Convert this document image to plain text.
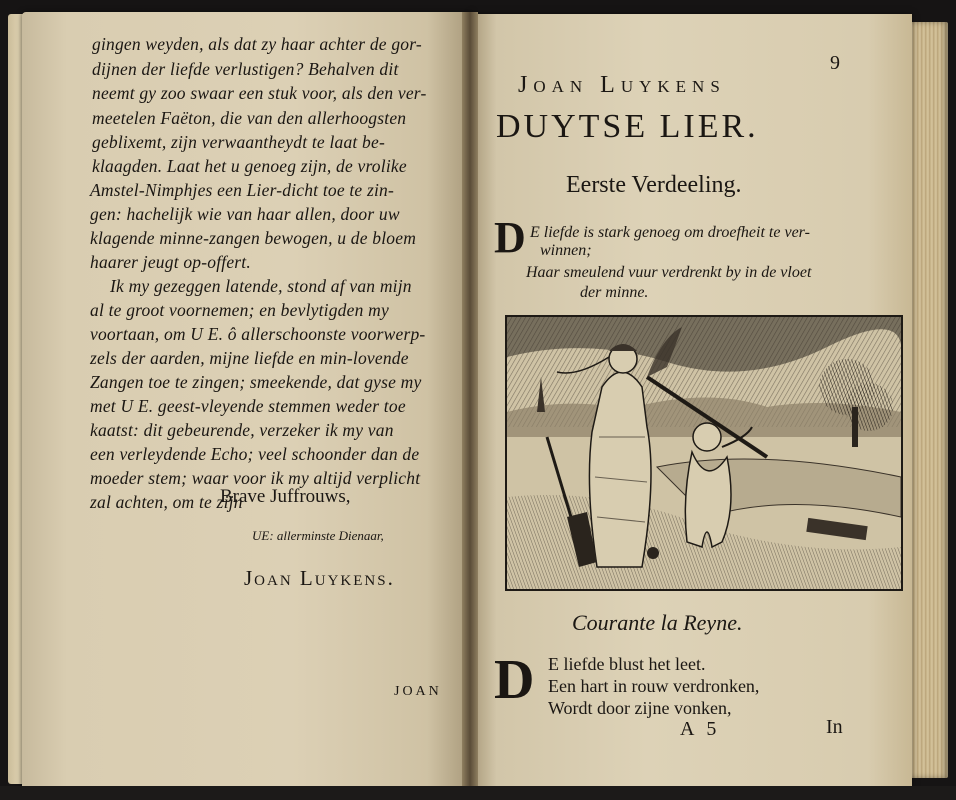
gingen weyden, als dat zy haar achter de gor-
dijnen der liefde verlustigen? Behalven dit
neemt gy zoo swaar een stuk voor, als den ver-
meetelen Faëton, die van den allerhoogsten
geblixemt, zijn verwaantheydt te laat be-
klaagden. Laat het u genoeg zijn, de vrolike
Amstel-Nimphjes een Lier-dicht toe te zin-
gen: hachelijk wie van haar allen, door uw
klagende minne-zangen bewogen, u de bloem
haarer jeugt op-offert.
Ik my gezeggen latende, stond af van mijn
al te groot voornemen; en bevlytigden my
voortaan, om U E. ô allerschoonste voorwerp-
zels der aarden, mijne liefde en min-lovende
Zangen toe te zingen; smeekende, dat gyse my
met U E. geest-vleyende stemmen weder toe
kaatst: dit gebeurende, verzeker ik my van
een verleydende Echo; veel schoonder dan de
moeder stem; waar voor ik my altijd verplicht
zal achten, om te zijn
Brave Juffrouws,
UE: allerminste Dienaar,
Joan Luykens.
JOAN
9
Joan Luykens
DUYTSE LIER.
Eerste Verdeeling.
D E liefde is stark genoeg om droefheit te ver-
winnen;
Haar smeulend vuur verdrenkt by in de vloet
der minne.
Courante la Reyne.
D E liefde blust het leet.
Een hart in rouw verdronken,
Wordt door zijne vonken,
A 5	In
